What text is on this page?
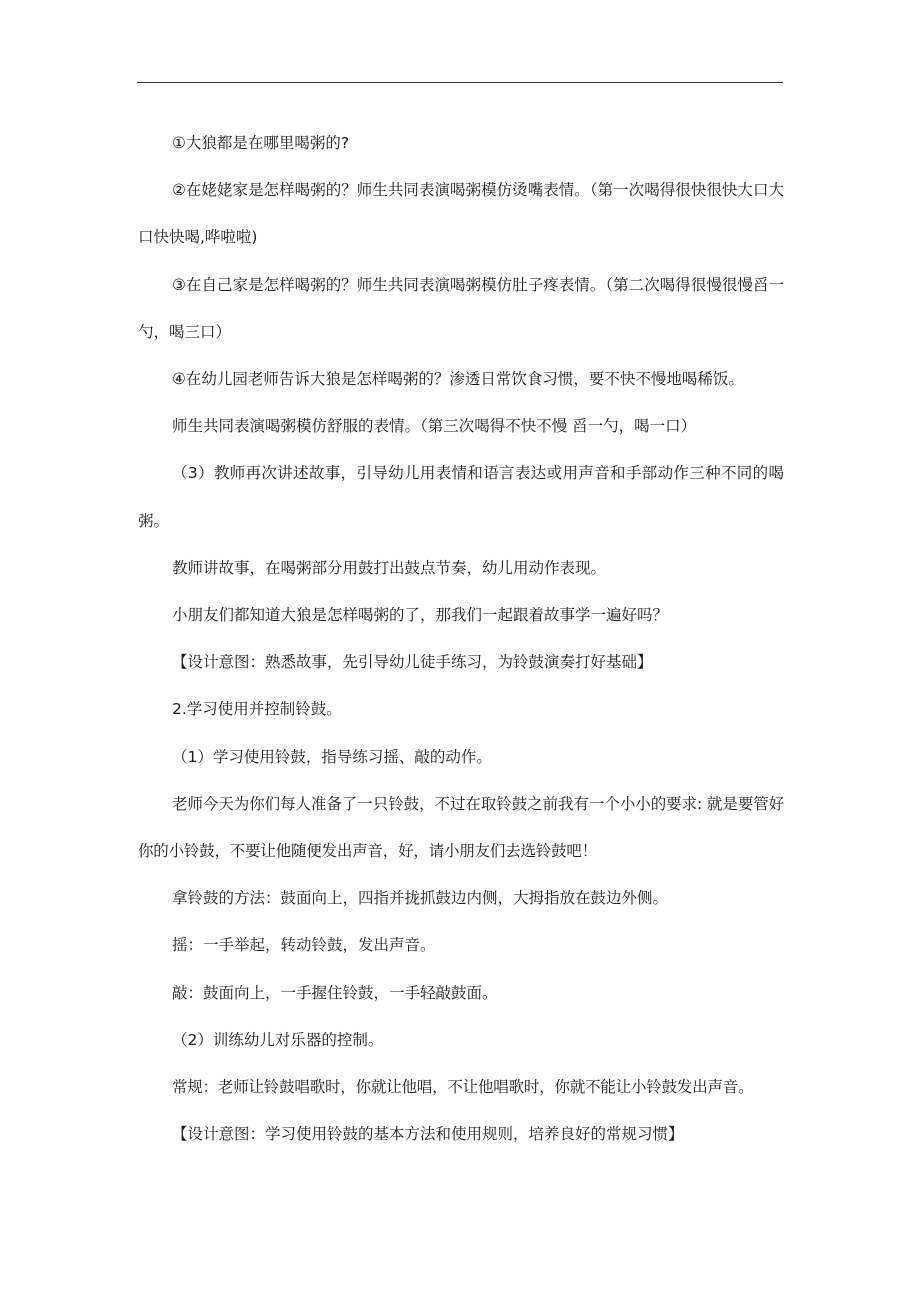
①大狼都是在哪里喝粥的?

②在姥姥家是怎样喝粥的？师生共同表演喝粥模仿烫嘴表情。（第一次喝得很快很快大口大口快快喝,哗啦啦)

③在自己家是怎样喝粥的？师生共同表演喝粥模仿肚子疼表情。（第二次喝得很慢很慢舀一勺，喝三口）

④在幼儿园老师告诉大狼是怎样喝粥的？渗透日常饮食习惯，要不快不慢地喝稀饭。

师生共同表演喝粥模仿舒服的表情。（第三次喝得不快不慢 舀一勺，喝一口）

（3）教师再次讲述故事，引导幼儿用表情和语言表达或用声音和手部动作三种不同的喝粥。

教师讲故事，在喝粥部分用鼓打出鼓点节奏，幼儿用动作表现。

小朋友们都知道大狼是怎样喝粥的了，那我们一起跟着故事学一遍好吗？

【设计意图：熟悉故事，先引导幼儿徒手练习，为铃鼓演奏打好基础】

2.学习使用并控制铃鼓。

（1）学习使用铃鼓，指导练习摇、敲的动作。

老师今天为你们每人准备了一只铃鼓，不过在取铃鼓之前我有一个小小的要求: 就是要管好你的小铃鼓，不要让他随便发出声音，好，请小朋友们去选铃鼓吧！

拿铃鼓的方法：鼓面向上，四指并拢抓鼓边内侧，大拇指放在鼓边外侧。

摇：一手举起，转动铃鼓，发出声音。

敲：鼓面向上，一手握住铃鼓，一手轻敲鼓面。

（2）训练幼儿对乐器的控制。

常规：老师让铃鼓唱歌时，你就让他唱，不让他唱歌时，你就不能让小铃鼓发出声音。

【设计意图：学习使用铃鼓的基本方法和使用规则，培养良好的常规习惯】
